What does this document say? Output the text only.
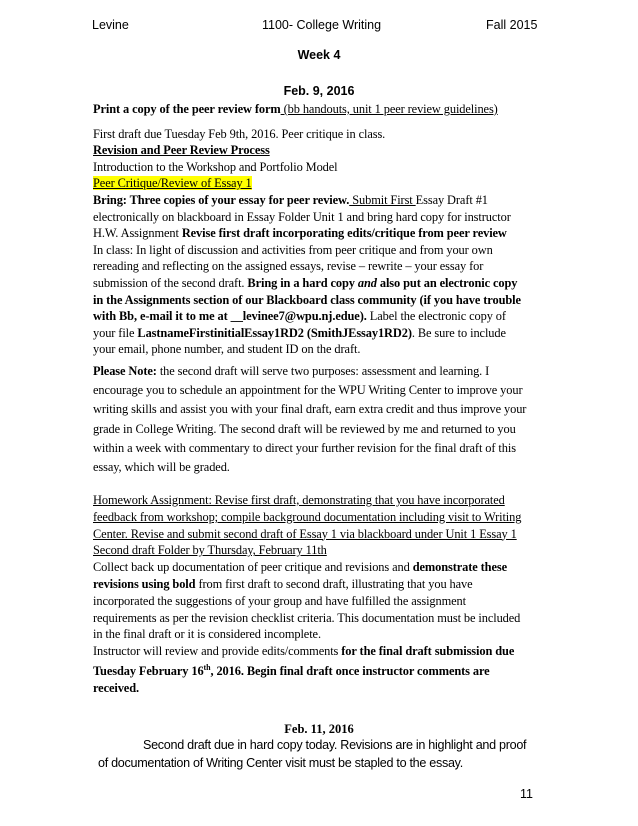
Levine	1100- College Writing	Fall 2015
Week 4
Feb. 9, 2016
Print a copy of the peer review form (bb handouts, unit 1 peer review guidelines)
First draft due Tuesday Feb 9th, 2016. Peer critique in class.
Revision and Peer Review Process
Introduction to the Workshop and Portfolio Model
Peer Critique/Review of Essay 1
Bring: Three copies of your essay for peer review. Submit First Essay Draft #1
electronically on blackboard in Essay Folder Unit 1 and bring hard copy for instructor
H.W. Assignment Revise first draft incorporating edits/critique from peer review
In class: In light of discussion and activities from peer critique and from your own
rereading and reflecting on the assigned essays, revise – rewrite – your essay for
submission of the second draft. Bring in a hard copy and also put an electronic copy
in the Assignments section of our Blackboard class community (if you have trouble
with Bb, e-mail it to me at __levinee7@wpu.nj.edue). Label the electronic copy of
your file LastnameFirstinitialEssay1RD2 (SmithJEssay1RD2). Be sure to include
your email, phone number, and student ID on the draft.
Please Note: the second draft will serve two purposes: assessment and learning. I
encourage you to schedule an appointment for the WPU Writing Center to improve your
writing skills and assist you with your final draft, earn extra credit and thus improve your
grade in College Writing. The second draft will be reviewed by me and returned to you
within a week with commentary to direct your further revision for the final draft of this
essay, which will be graded.
Homework Assignment: Revise first draft, demonstrating that you have incorporated
feedback from workshop; compile background documentation including visit to Writing
Center. Revise and submit second draft of Essay 1 via blackboard under Unit 1 Essay 1
Second draft Folder by Thursday, February 11th
Collect back up documentation of peer critique and revisions and demonstrate these
revisions using bold from first draft to second draft, illustrating that you have
incorporated the suggestions of your group and have fulfilled the assignment
requirements as per the revision checklist criteria. This documentation must be included
in the final draft or it is considered incomplete.
Instructor will review and provide edits/comments for the final draft submission due
Tuesday February 16th, 2016. Begin final draft once instructor comments are
received.
Feb. 11, 2016
Second draft due in hard copy today. Revisions are in highlight and proof
of documentation of Writing Center visit must be stapled to the essay.
11
